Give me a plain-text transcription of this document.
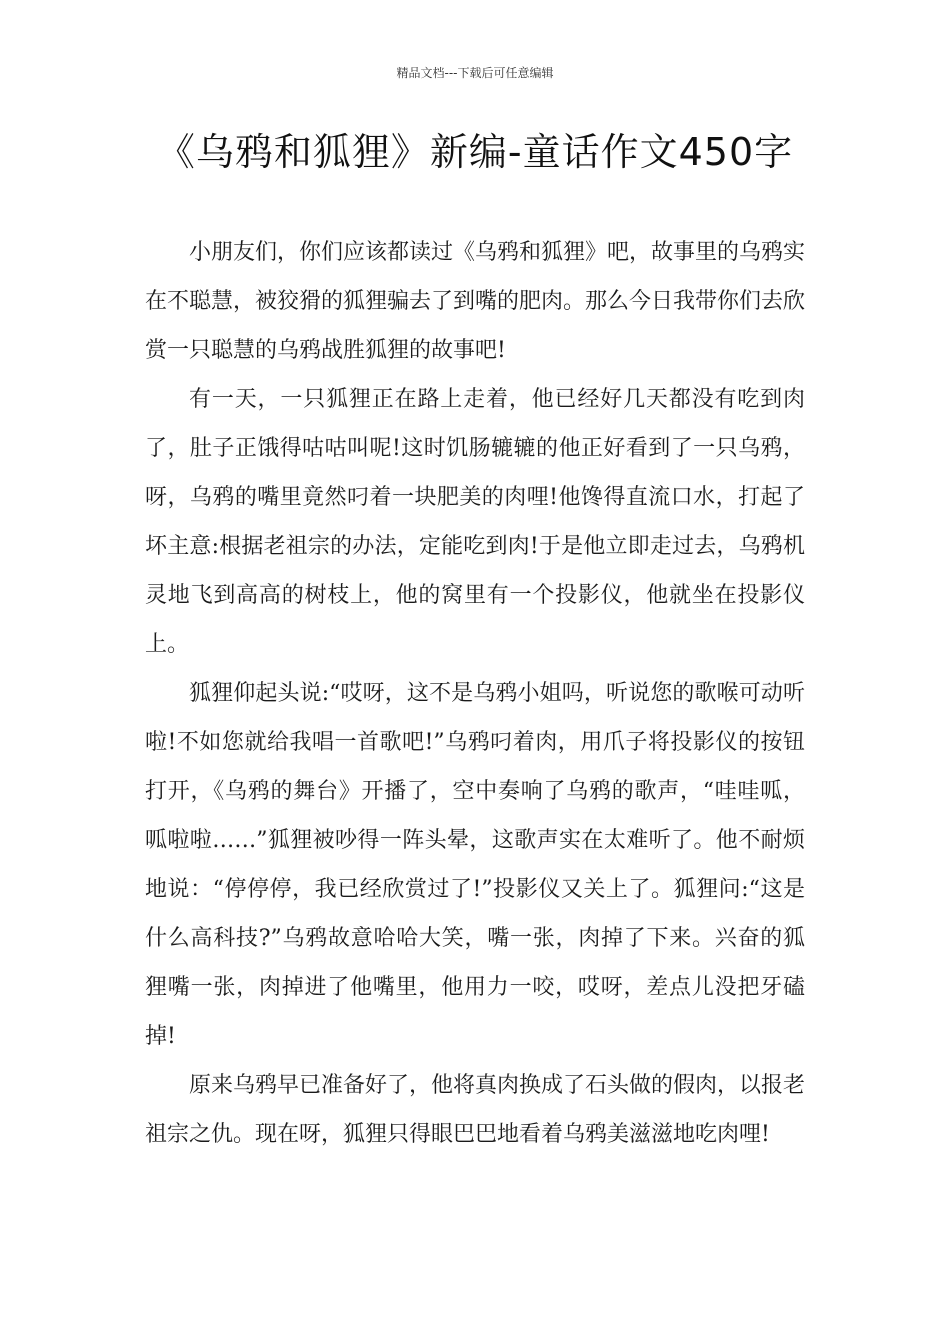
精品文档---下载后可任意编辑
《乌鸦和狐狸》新编-童话作文450字

小朋友们，你们应该都读过《乌鸦和狐狸》吧，故事里的乌鸦实在不聪慧，被狡猾的狐狸骗去了到嘴的肥肉。那么今日我带你们去欣赏一只聪慧的乌鸦战胜狐狸的故事吧!

有一天，一只狐狸正在路上走着，他已经好几天都没有吃到肉了，肚子正饿得咕咕叫呢!这时饥肠辘辘的他正好看到了一只乌鸦，呀，乌鸦的嘴里竟然叼着一块肥美的肉哩!他馋得直流口水，打起了坏主意:根据老祖宗的办法，定能吃到肉!于是他立即走过去，乌鸦机灵地飞到高高的树枝上，他的窝里有一个投影仪，他就坐在投影仪上。

狐狸仰起头说:“哎呀，这不是乌鸦小姐吗，听说您的歌喉可动听啦!不如您就给我唱一首歌吧!”乌鸦叼着肉，用爪子将投影仪的按钮打开，《乌鸦的舞台》开播了，空中奏响了乌鸦的歌声，“哇哇呱，呱啦啦……”狐狸被吵得一阵头晕，这歌声实在太难听了。他不耐烦地说：“停停停，我已经欣赏过了!”投影仪又关上了。狐狸问:“这是什么高科技?”乌鸦故意哈哈大笑，嘴一张，肉掉了下来。兴奋的狐狸嘴一张，肉掉进了他嘴里，他用力一咬，哎呀，差点儿没把牙磕掉!

原来乌鸦早已准备好了，他将真肉换成了石头做的假肉，以报老祖宗之仇。现在呀，狐狸只得眼巴巴地看着乌鸦美滋滋地吃肉哩!
